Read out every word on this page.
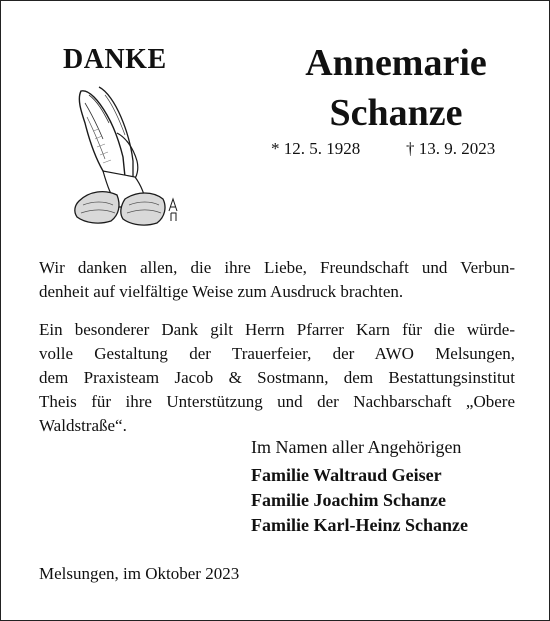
DANKE	Annemarie
Schanze
* 12. 5. 1928	† 13. 9. 2023
Wir danken allen, die ihre Liebe, Freundschaft und Verbun-
denheit auf vielfältige Weise zum Ausdruck brachten.
Ein besonderer Dank gilt Herrn Pfarrer Karn für die würde-
volle Gestaltung der Trauerfeier, der AWO Melsungen,
dem Praxisteam Jacob & Sostmann, dem Bestattungsinstitut
Theis für ihre Unterstützung und der Nachbarschaft „Obere
Waldstraße“.
Im Namen aller Angehörigen
Familie Waltraud Geiser
Familie Joachim Schanze
Familie Karl-Heinz Schanze
Melsungen, im Oktober 2023
